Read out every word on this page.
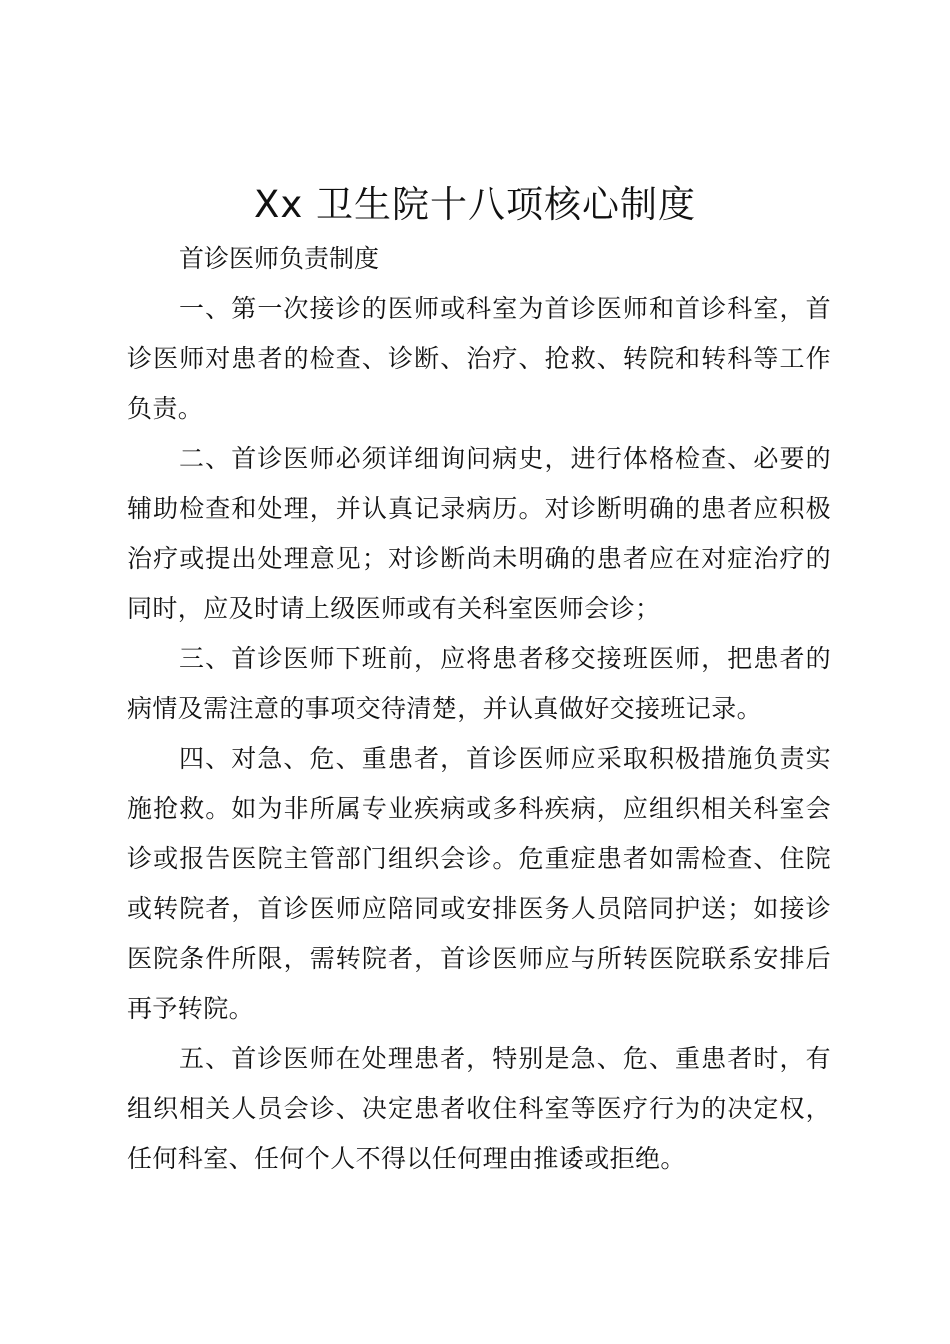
Xx 卫生院十八项核心制度

首诊医师负责制度

一、第一次接诊的医师或科室为首诊医师和首诊科室，首诊医师对患者的检查、诊断、治疗、抢救、转院和转科等工作负责。

二、首诊医师必须详细询问病史，进行体格检查、必要的辅助检查和处理，并认真记录病历。对诊断明确的患者应积极治疗或提出处理意见；对诊断尚未明确的患者应在对症治疗的同时，应及时请上级医师或有关科室医师会诊；

三、首诊医师下班前，应将患者移交接班医师，把患者的病情及需注意的事项交待清楚，并认真做好交接班记录。

四、对急、危、重患者，首诊医师应采取积极措施负责实施抢救。如为非所属专业疾病或多科疾病，应组织相关科室会诊或报告医院主管部门组织会诊。危重症患者如需检查、住院或转院者，首诊医师应陪同或安排医务人员陪同护送；如接诊医院条件所限，需转院者，首诊医师应与所转医院联系安排后再予转院。

五、首诊医师在处理患者，特别是急、危、重患者时，有组织相关人员会诊、决定患者收住科室等医疗行为的决定权，任何科室、任何个人不得以任何理由推诿或拒绝。
